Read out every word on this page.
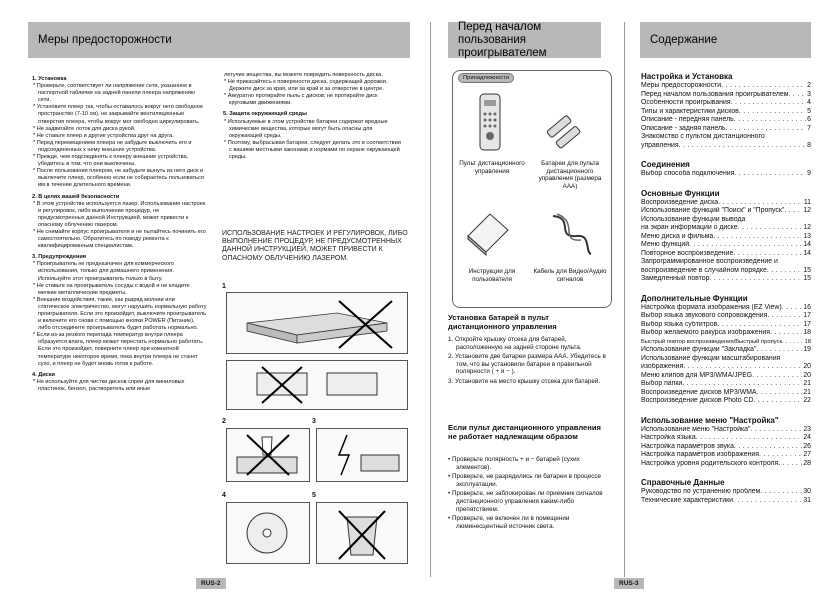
Меры предосторожности
Перед началом пользования проигрывателем
Содержание

1. Установка

* Проверьте, соответствует ли напряжение сети, указанное в паспортной табличке на задней панели плеера напряжению сети.

* Установите плеер так, чтобы оставалось вокруг него свободное пространство (7-10 см). не закрывайте вентиляционные отверстия плеера, чтобы вокруг мог свободно циркулировать.

* Не задвигайте лоток для диска рукой.

* Не ставьте плеер и другие устройства друг на друга.

* Перед перемещением плеера не забудьте выключить его и подсоединенных к нему внешних устройства.

* Прежде, чем подсоединять к плееру внешние устройства, убедитесь в том, что они выключены.

* После пользования плеером, не забудьте вынуть из него диск и выключите плеер, особенно если не собираетесь пользоваться им в течение длительного времени.

2. В целях вашей безопасности

* В этом устройстве используется лазер. Использование настроек и регулировок, либо выполнение процедур, не предусмотренных данной Инструкцией, может привести к опасному облучению лазером.

* Не снимайте корпус проигрывателя и не пытайтесь починить его самостоятельно. Обратитесь по поводу ремонта к квалифицированным специалистам.

3. Предупреждения

* Проигрыватель не предназначен для коммерческого использования, только для домашнего применения. Используйте этот проигрыватель только в быту.

* Не ставьте на проигрыватель сосуды с водой и не кладите мелкие металлические предметы.

* Внешние воздействия, такие, как разряд молнии или статическое электричество, могут нарушить нормальную работу проигрывателя. Если это произойдет, выключите проигрыватель и включите его снова с помощью кнопки POWER (Питание), либо отсоедините проигрыватель будет работать нормально.

* Если из-за резкого перепада температур внутри плеера образуется влага, плеер может перестать нормально работать. Если это произойдет, поверните плеер при комнатной температуре некоторое время, пока внутри плеера не станет сухо, и плеер не будет вновь готов к работе.

4. Диски

* Не используйте для чистки дисков спреи для виниловых пластинок, бензол, растворитель или иные

летучие вещества, вы можете повредить поверхность диска.

* Не прикасайтесь к поверхности диска, содержащей дорожки. Держите диск за края, или за край и за отверстие в центре.

* Аккуратно протирайте пыль с дисков; не протирайте диск круговыми движениями.

5. Защита окружающей среды

* Используемые в этом устройстве батареи содержат вредные химические вещества, которые могут быть опасны для окружающей среды.

* Поэтому, выбрасывая батареи, следует делать это в соответствии с вашими местными законами и нормами по охране окружающей среды.

ИСПОЛЬЗОВАНИЕ НАСТРОЕК И РЕГУЛИРОВОК, ЛИБО ВЫПОЛНЕНИЕ ПРОЦЕДУР, НЕ ПРЕДУСМОТРЕННЫХ ДАННОЙ ИНСТРУКЦИЕЙ, МОЖЕТ ПРИВЕСТИ К ОПАСНОМУ ОБЛУЧЕНИЮ ЛАЗЕРОМ.
1
2	3
4	5
RUS-2
Принадлежности
Пульт дистанционного управления
Батареи для пульта дистанционного управления (размера AAA)
Инструкции для пользователя
Кабель для Видео/Аудио сигналов
Установка батарей в пульт дистанционного управления

1. Откройте крышку отсека для батарей, расположенную на задней стороне пульта.

2. Установите две батареи размера AAA. Убедитесь в том, что вы установили батареи в правильной полярности ( + и − ).

3. Установите на место крышку отсека для батарей.

Если пульт дистанционного управления не работает надлежащим образом

• Проверьте полярность + и − батарей (сухих элементов).

• Проверьте, не разрядились ли батареи в процессе эксплуатации.

• Проверьте, не заблокирован ли приемник сигналов дистанционного управления каким-либо препятствием.

• Проверьте, не включен ли в помещении люминесцентный источник света.

Настройка и Установка
Меры предосторожности . . .	2
Перед началом пользования проигрывателем . . .	3
Особенности проигрывания . . .	4
Типы и характеристики дисков . . .	5
Описание - передняя панель . . .	6
Описание - задняя панель . . .	7
Знакомство с пультом дистанционного
управления . . .	8
Соединения
Выбор способа подключения . . .	9
Основные Функции
Воспроизведение диска . . .	11
Использование функций "Поиск" и "Пропуск" . . .	12
Использование функции вывода
на экран информации о диске . . .	12
Меню диска и фильма . . .	13
Меню функций . . .	14
Повторное воспроизведение . . .	14
Запрограммированное воспроизведение и
воспроизведение в случайном порядке . . .	15
Замедленный повтор . . .	15
Дополнительные Функции
Настройка формата изображения (EZ View) . . .	16
Выбор языка звукового сопровождения . . .	17
Выбор языка субтитров . . .	17
Выбор желаемого ракурса изображения . . .	18
Быстрый повтор воспроизведения/Быстрый пропуск . . .	18
Использование функции "Закладка" . . .	19
Использование функции масштабирования
изображения . . .	20
Меню клипов для MP3/WMA/JPEG . . .	20
Выбор папки . . .	21
Воспроизведение дисков MP3/WMA . . .	21
Воспроизведение дисков Photo CD . . .	22
Использование меню "Настройка"
Использование меню "Настройка" . . .	23
Настройка языка . . .	24
Настройка параметров звука . . .	26
Настройка параметров изображения . . .	27
Настройка уровня родительского контроля . . .	28
Справочные Данные
Руководство по устранению проблем . . .	30
Технические характеристики . . .	31
RUS-3
